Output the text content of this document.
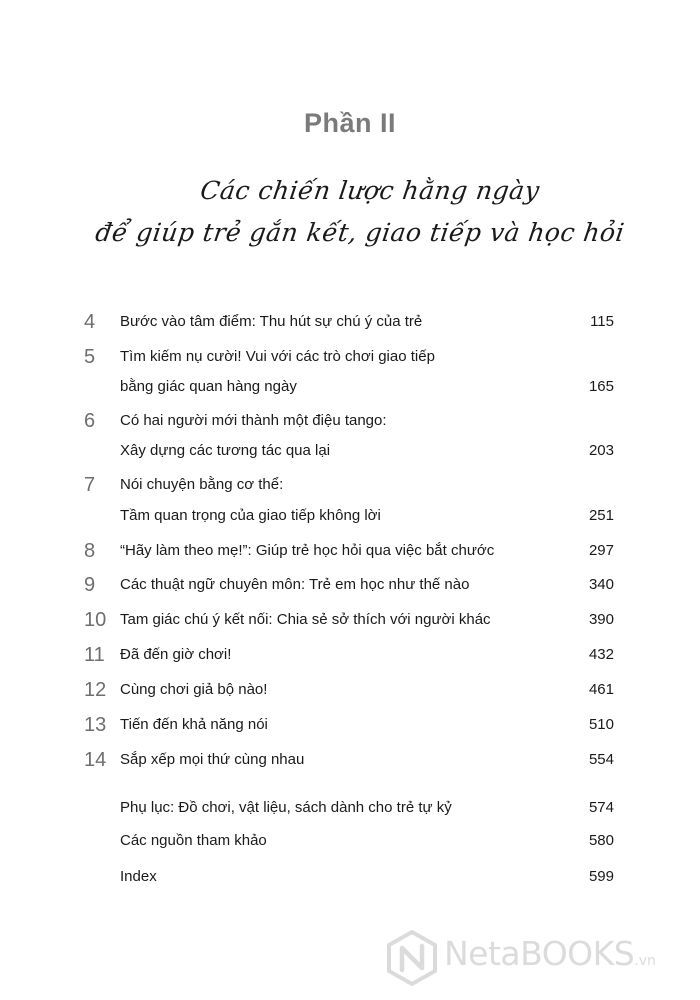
Phần II
Các chiến lược hằng ngày
để giúp trẻ gắn kết, giao tiếp và học hỏi
4 Bước vào tâm điểm: Thu hút sự chú ý của trẻ	115
5 Tìm kiếm nụ cười! Vui với các trò chơi giao tiếp
bằng giác quan hàng ngày	165
6 Có hai người mới thành một điệu tango:
Xây dựng các tương tác qua lại	203
7 Nói chuyện bằng cơ thể:
Tầm quan trọng của giao tiếp không lời	251
8 “Hãy làm theo mẹ!”: Giúp trẻ học hỏi qua việc bắt chước	297
9 Các thuật ngữ chuyên môn: Trẻ em học như thế nào	340
10 Tam giác chú ý kết nối: Chia sẻ sở thích với người khác	390
11 Đã đến giờ chơi!	432
12 Cùng chơi giả bộ nào!	461
13 Tiến đến khả năng nói	510
14 Sắp xếp mọi thứ cùng nhau	554
Phụ lục: Đồ chơi, vật liệu, sách dành cho trẻ tự kỷ	574
Các nguồn tham khảo	580
Index	599
NetaBOOKS.vn
